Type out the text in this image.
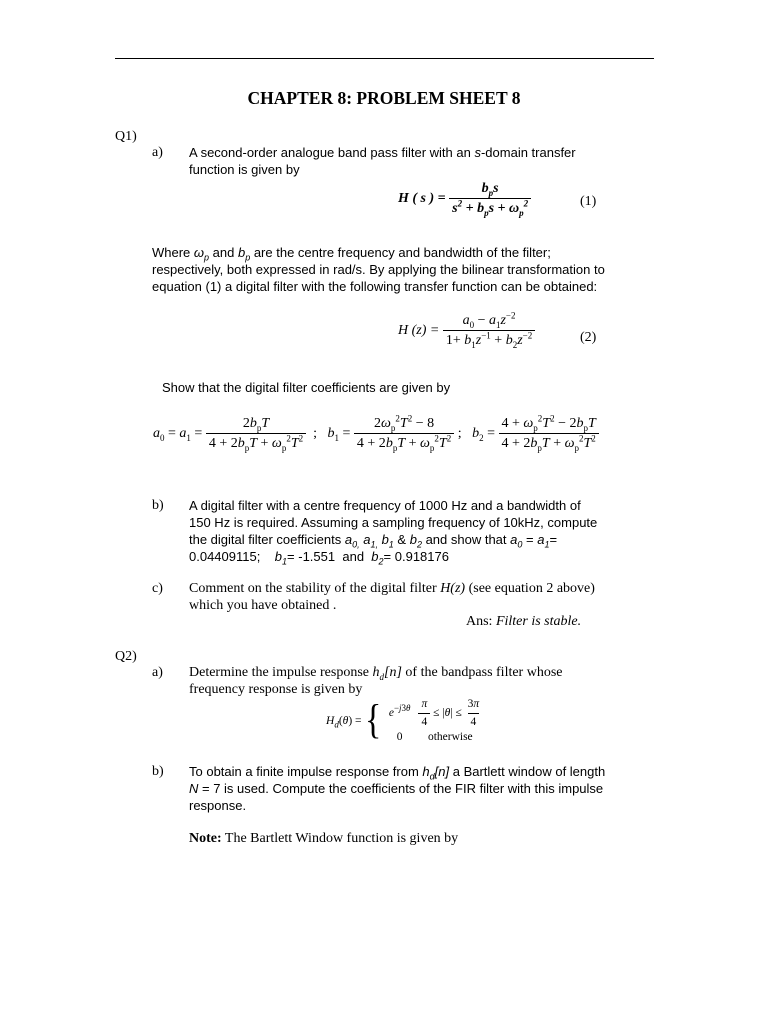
CHAPTER 8: PROBLEM SHEET 8
Q1)
a) A second-order analogue band pass filter with an s-domain transfer
function is given by
H ( s ) = $\frac{b_ps}{s^2 + b_ps + \omega_p^2}$	(1)
Where $\omega_p$ and $b_p$ are the centre frequency and bandwidth of the filter;
respectively, both expressed in rad/s. By applying the bilinear transformation to
equation (1) a digital filter with the following transfer function can be obtained:
H $(z) = \frac{a_0 - a_1z^{-2}}{1+ b_1z^{-1} + b_2z^{-2}}$	(2)
Show that the digital filter coefficients are given by
$a_0 = a_1 = \frac{2b_pT}{4 + 2b_pT + \omega_p^2T^2}$ ;   $b_1 = \frac{2\omega_p^2T^2 - 8}{4 + 2b_pT + \omega_p^2T^2}$ ;   $b_2 = \frac{4 + \omega_p^2T^2 - 2b_pT}{4 + 2b_pT + \omega_p^2T^2}$
b) A digital filter with a centre frequency of 1000 Hz and a bandwidth of
150 Hz is required. Assuming a sampling frequency of 10kHz, compute
the digital filter coefficients $a_{0,}$ $a_{1,}$ $b_1$ & $b_2$ and show that $a_0 = a_1=$
0.04409115; $b_1= -1.551$ and $b_2= 0.918176$
c) Comment on the stability of the digital filter H(z) (see equation 2 above)
which you have obtained .
Ans: Filter is stable.
Q2)
a) Determine the impulse response $h_d[n]$ of the bandpass filter whose
frequency response is given by
$H_d(\theta)$ = { $e^{-j3\theta}$	$\frac{\pi}{4} \le |\theta| \le \frac{3\pi}{4}$

0	otherwise
b) To obtain a finite impulse response from $h_d[n]$ a Bartlett window of length
N = 7 is used. Compute the coefficients of the FIR filter with this impulse
response.
Note: The Bartlett Window function is given by
